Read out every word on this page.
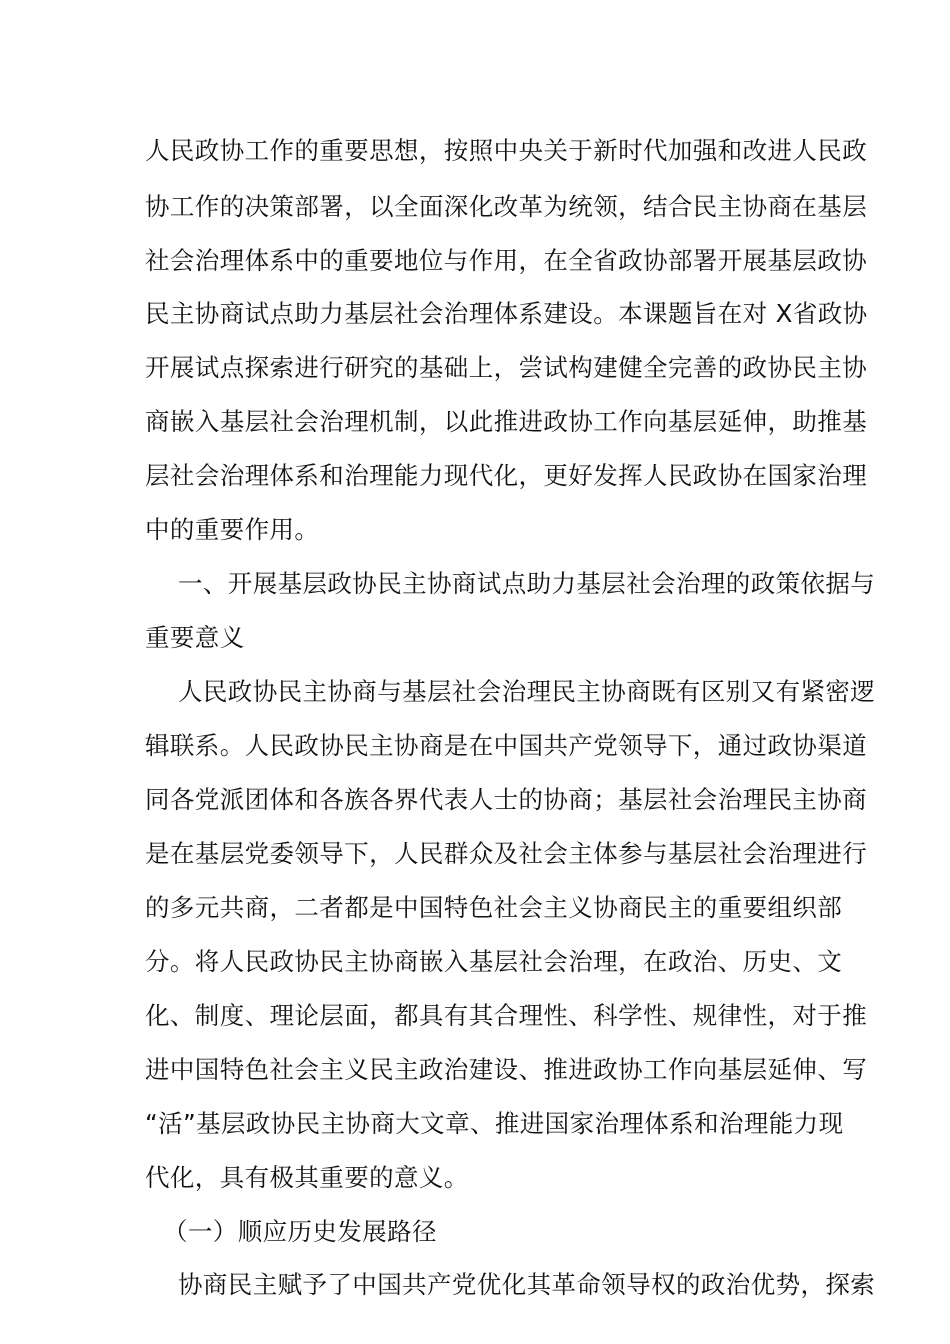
人民政协工作的重要思想，按照中央关于新时代加强和改进人民政
协工作的决策部署，以全面深化改革为统领，结合民主协商在基层
社会治理体系中的重要地位与作用，在全省政协部署开展基层政协
民主协商试点助力基层社会治理体系建设。本课题旨在对 X省政协
开展试点探索进行研究的基础上，尝试构建健全完善的政协民主协
商嵌入基层社会治理机制，以此推进政协工作向基层延伸，助推基
层社会治理体系和治理能力现代化，更好发挥人民政协在国家治理
中的重要作用。
一、开展基层政协民主协商试点助力基层社会治理的政策依据与
重要意义
人民政协民主协商与基层社会治理民主协商既有区别又有紧密逻
辑联系。人民政协民主协商是在中国共产党领导下，通过政协渠道
同各党派团体和各族各界代表人士的协商；基层社会治理民主协商
是在基层党委领导下，人民群众及社会主体参与基层社会治理进行
的多元共商，二者都是中国特色社会主义协商民主的重要组织部
分。将人民政协民主协商嵌入基层社会治理，在政治、历史、文
化、制度、理论层面，都具有其合理性、科学性、规律性，对于推
进中国特色社会主义民主政治建设、推进政协工作向基层延伸、写
“活”基层政协民主协商大文章、推进国家治理体系和治理能力现
代化，具有极其重要的意义。
（一）顺应历史发展路径
协商民主赋予了中国共产党优化其革命领导权的政治优势，探索
